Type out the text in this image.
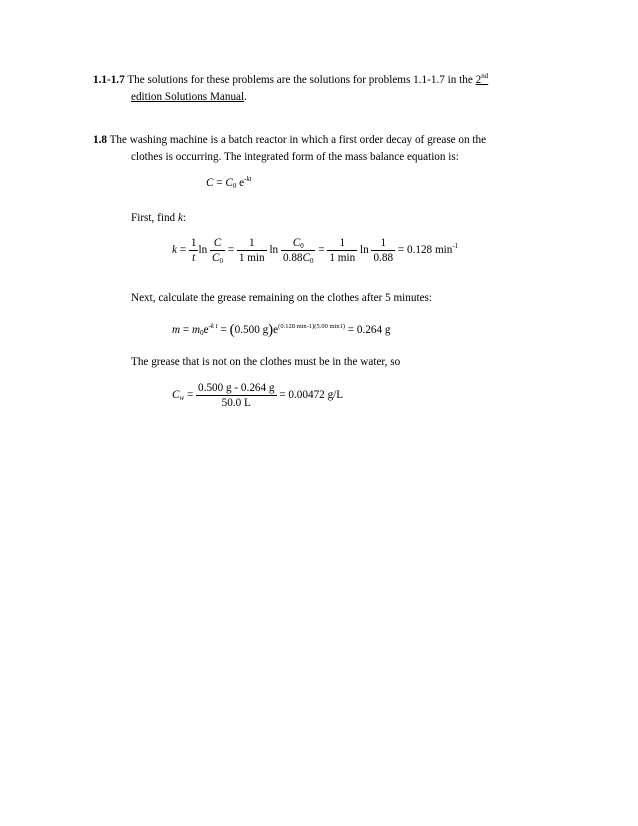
1.1-1.7 The solutions for these problems are the solutions for problems 1.1-1.7 in the 2nd
edition Solutions Manual.
1.8 The washing machine is a batch reactor in which a first order decay of grease on the
clothes is occurring. The integrated form of the mass balance equation is:
$C = C_0$ $e^{-kt}$
First, find k:
$k = \frac{1}{t}$ $\ln \frac{C}{C_0} = \frac{1}{1 \min}$ $\ln \frac{C_0}{0.88C_0} = \frac{1}{1 \min}$ $\ln \frac{1}{0.88} = 0.128$ $\min^{-1}$
Next, calculate the grease remaining on the clothes after 5 minutes:
$m = m_0e^{-k t} = (0.500$ $g)e^{(0.128 min-1)(5.00 min1)} = 0.264$ g
The grease that is not on the clothes must be in the water, so
$C_w = \frac{0.500 g - 0.264 g}{50.0 L} = 0.00472$ g/L
